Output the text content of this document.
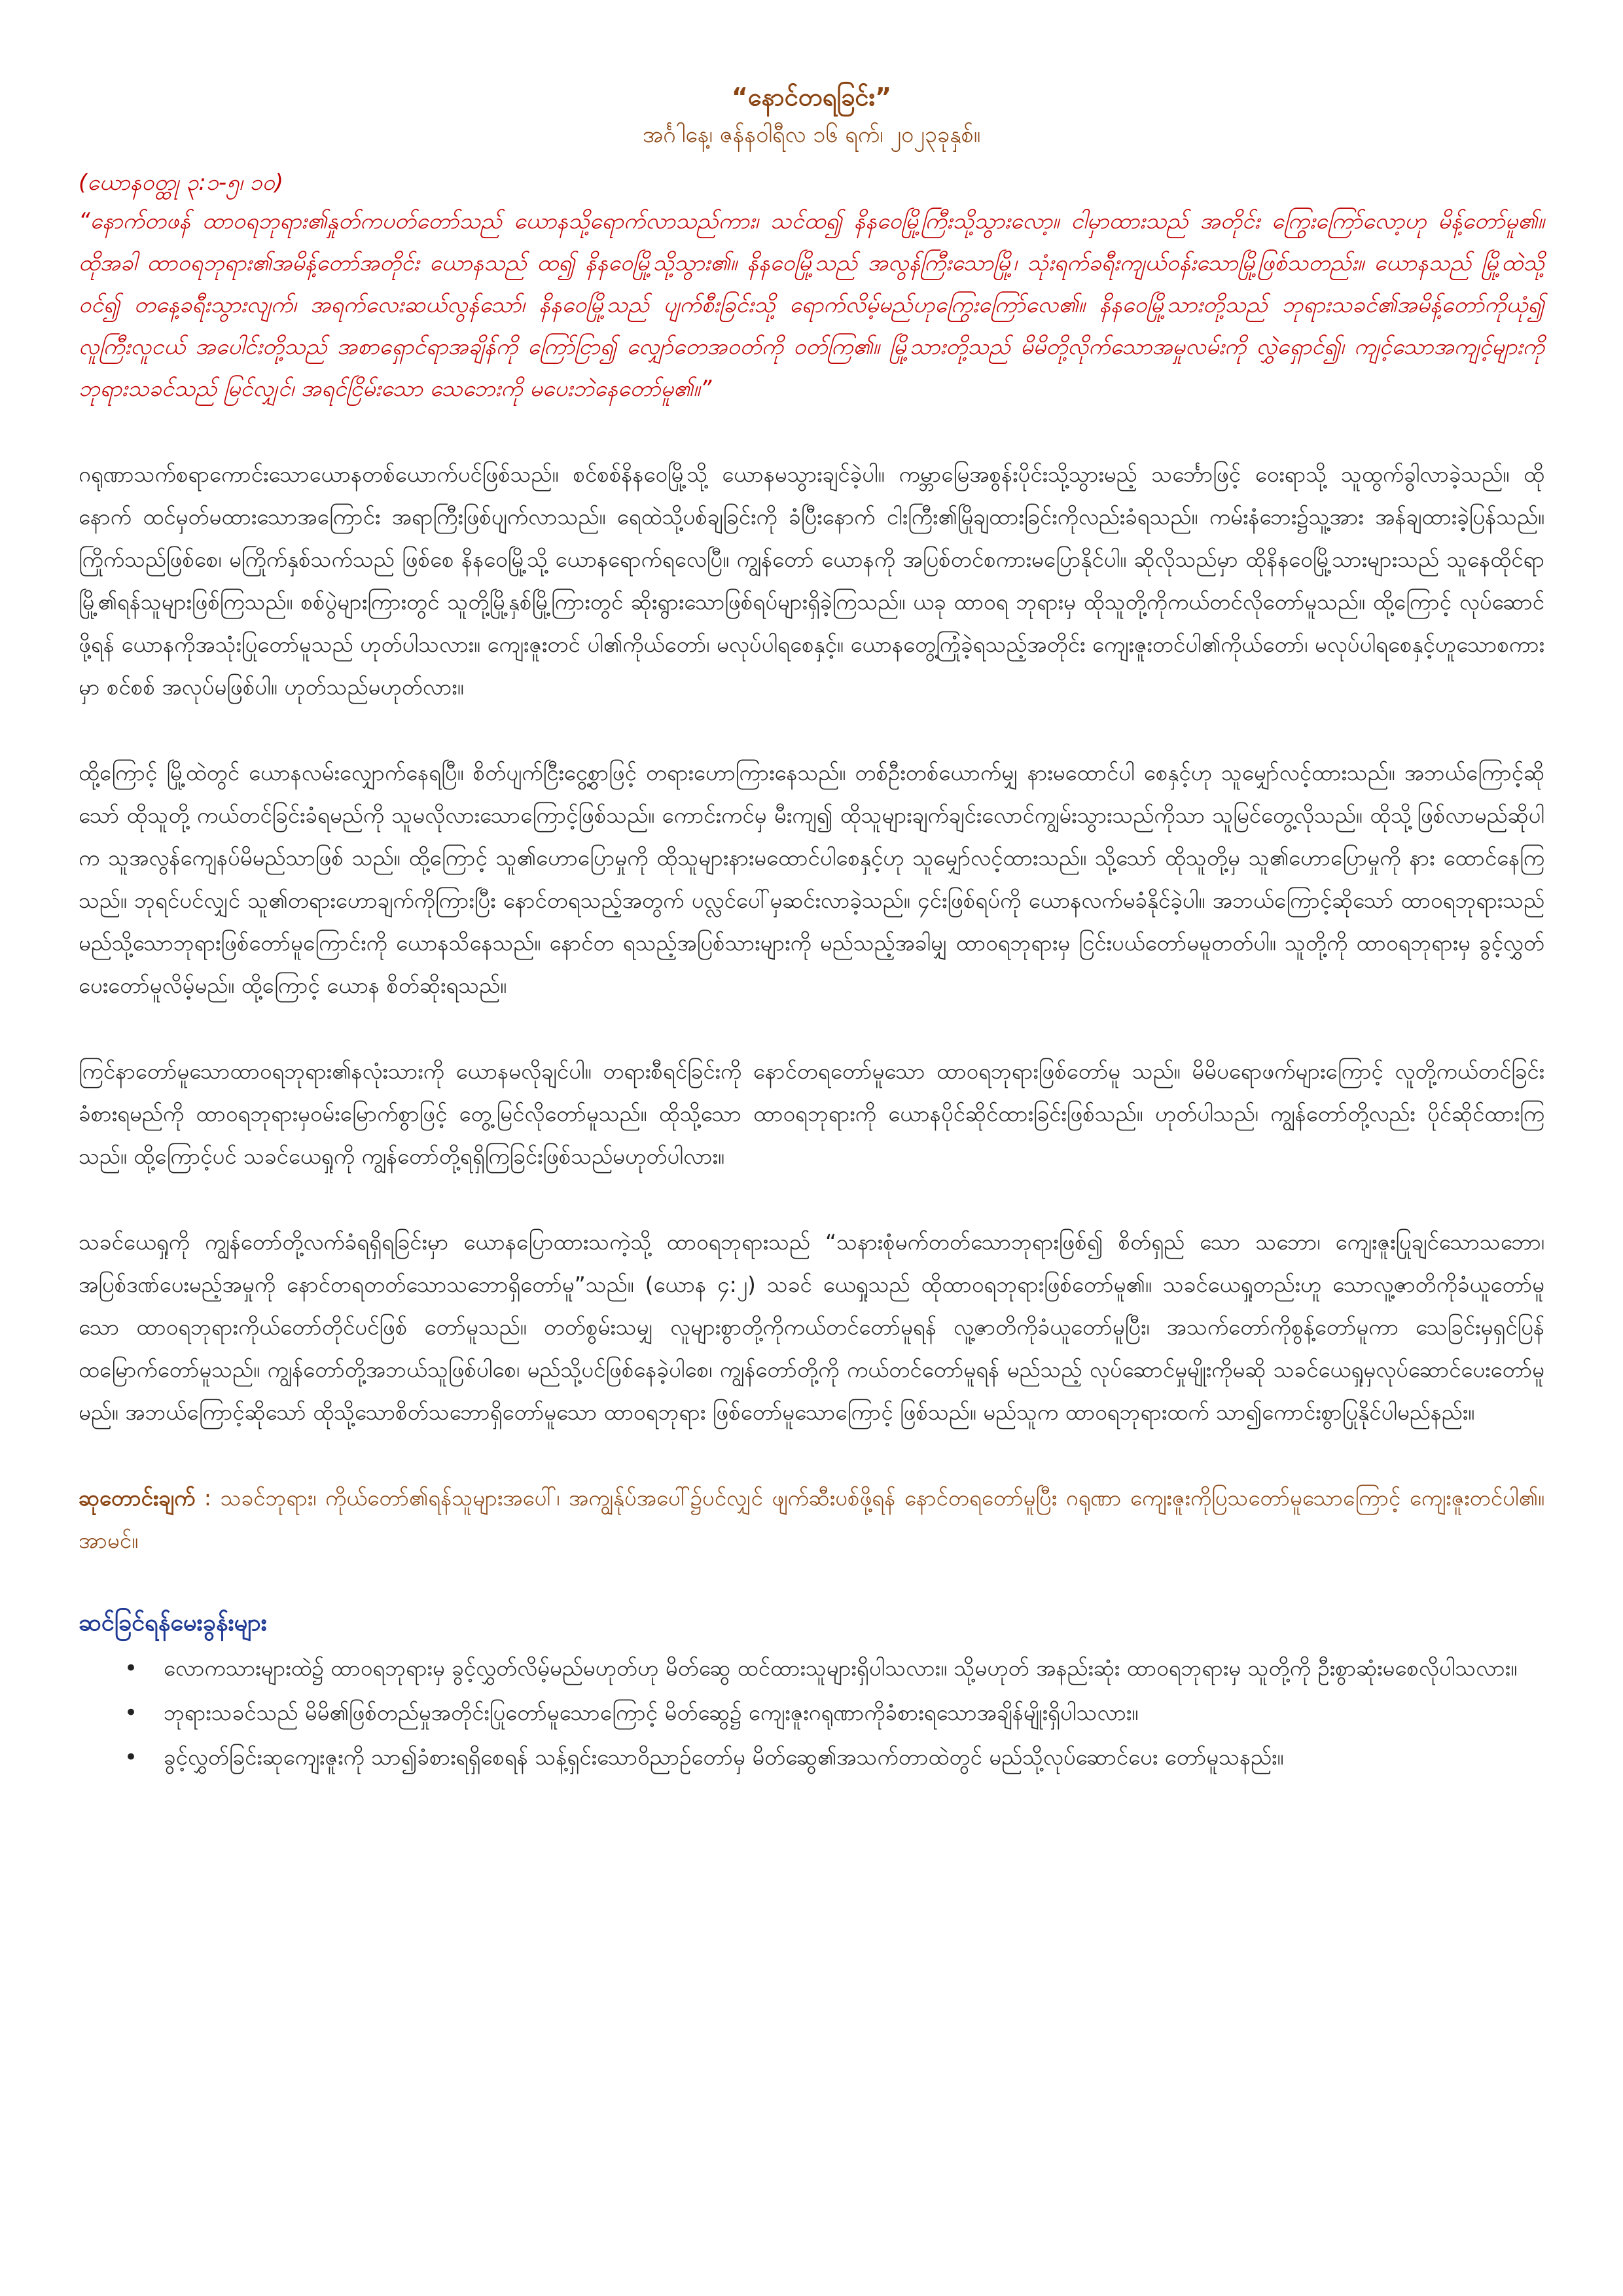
“နောင်တရခြင်း”

အင်္ဂါနေ့၊ ဇန်နဝါရီလ ၁၆ ရက်၊ ၂၀၂၃ခုနှစ်။

(ယောန၀တ္ထု ၃:၁-၅၊ ၁၀)

“နောက်တဖန် ထာဝရဘုရား၏နှုတ်ကပတ်တော်သည် ယောနသို့ရောက်လာသည်ကား၊ သင်ထ၍ နိနဝေမြို့ကြီးသို့သွားလော့။ ငါမှာထားသည် အတိုင်း ကြွေးကြော်လော့ဟု မိန့်တော်မူ၏။ ထိုအခါ ထာဝရဘုရား၏အမိန့်တော်အတိုင်း ယောနသည် ထ၍ နိနဝေမြို့သို့သွား၏။ နိနဝေမြို့သည် အလွန်ကြီးသောမြို့၊ သုံးရက်ခရီးကျယ်ဝန်းသောမြို့ဖြစ်သတည်း။ ယောနသည် မြို့ထဲသို့ဝင်၍ တနေ့ခရီးသွားလျက်၊ အရက်လေးဆယ်လွန်သော်၊ နိနဝေမြို့သည် ပျက်စီးခြင်းသို့ ရောက်လိမ့်မည်ဟုကြွေးကြော်လေ၏။ နိနဝေမြို့သားတို့သည် ဘုရားသခင်၏အမိန့်တော်ကိုယုံ၍ လူကြီးလူငယ် အပေါင်းတို့သည် အစာရှောင်ရာအချိန်ကို ကြော်ငြာ၍ လျှော်တေအဝတ်ကို ဝတ်ကြ၏။ မြို့သားတို့သည် မိမိတို့လိုက်သောအမှုလမ်းကို လွှဲရှောင်၍၊ ကျင့်သောအကျင့်များကို ဘုရားသခင်သည် မြင်လျှင်၊ အရင်ငြိမ်းသော သေဘေးကို မပေးဘဲနေတော်မူ၏။”

ဂရုဏာသက်စရာကောင်းသောယောနတစ်ယောက်ပင်ဖြစ်သည်။ စင်စစ်နိနဝေမြို့သို့ ယောနမသွားချင်ခဲ့ပါ။ ကမ္ဘာမြေအစွန်းပိုင်းသို့သွားမည့် သင်္ဘောဖြင့် ဝေးရာသို့ သူထွက်ခွါလာခဲ့သည်။ ထိုနောက် ထင်မှတ်မထားသောအကြောင်း အရာကြီးဖြစ်ပျက်လာသည်။ ရေထဲသို့ပစ်ချခြင်းကို ခံပြီးနောက် ငါးကြီး၏မြိုချထားခြင်းကိုလည်းခံရသည်။ ကမ်းနံဘေး၌သူ့အား အန်ချထားခဲ့ပြန်သည်။ ကြိုက်သည်ဖြစ်စေ၊ မကြိုက်နှစ်သက်သည် ဖြစ်စေ နိနဝေမြို့သို့ ယောနရောက်ရလေပြီ။ ကျွန်တော် ယောနကို အပြစ်တင်စကားမပြောနိုင်ပါ။ ဆိုလိုသည်မှာ ထိုနိနဝေမြို့သားများသည် သူနေထိုင်ရာမြို့၏ရန်သူများဖြစ်ကြသည်။ စစ်ပွဲများကြားတွင် သူတို့မြို့နှစ်မြို့ကြားတွင် ဆိုးရွားသောဖြစ်ရပ်များရှိခဲ့ကြသည်။ ယခု ထာဝရ ဘုရားမှ ထိုသူတို့ကိုကယ်တင်လိုတော်မူသည်။ ထို့ကြောင့် လုပ်ဆောင်ဖို့ရန် ယောနကိုအသုံးပြုတော်မူသည် ဟုတ်ပါသလား။ ကျေးဇူးတင် ပါ၏ကိုယ်တော်၊ မလုပ်ပါရစေနှင့်။ ယောနတွေ့ကြုံခဲ့ရသည့်အတိုင်း ကျေးဇူးတင်ပါ၏ကိုယ်တော်၊ မလုပ်ပါရစေနှင့်ဟူသောစကားမှာ စင်စစ် အလုပ်မဖြစ်ပါ။ ဟုတ်သည်မဟုတ်လား။

ထို့ကြောင့် မြို့ထဲတွင် ယောနလမ်းလျှောက်နေရပြီ။ စိတ်ပျက်ငြီးငွေ့စွာဖြင့် တရားဟောကြားနေသည်။ တစ်ဦးတစ်ယောက်မျှ နားမထောင်ပါ စေနှင့်ဟု သူမျှော်လင့်ထားသည်။ အဘယ်ကြောင့်ဆိုသော် ထိုသူတို့ ကယ်တင်ခြင်းခံရမည်ကို သူမလိုလားသောကြောင့်ဖြစ်သည်။ ကောင်းကင်မှ မီးကျ၍ ထိုသူများချက်ချင်းလောင်ကျွမ်းသွားသည်ကိုသာ သူမြင်တွေ့လိုသည်။ ထိုသို့ဖြစ်လာမည်ဆိုပါက သူအလွန်ကျေနပ်မိမည်သာဖြစ် သည်။ ထို့ကြောင့် သူ၏ဟောပြောမှုကို ထိုသူများနားမထောင်ပါစေနှင့်ဟု သူမျှော်လင့်ထားသည်။ သို့သော် ထိုသူတို့မှ သူ၏ဟောပြောမှုကို နား ထောင်နေကြသည်။ ဘုရင်ပင်လျှင် သူ၏တရားဟောချက်ကိုကြားပြီး နောင်တရသည့်အတွက် ပလ္လင်ပေါ်မှဆင်းလာခဲ့သည်။ ၄င်းဖြစ်ရပ်ကို ယောနလက်မခံနိုင်ခဲ့ပါ။ အဘယ်ကြောင့်ဆိုသော် ထာဝရဘုရားသည် မည်သို့သောဘုရားဖြစ်တော်မူကြောင်းကို ယောနသိနေသည်။ နောင်တ ရသည့်အပြစ်သားများကို မည်သည့်အခါမျှ ထာဝရဘုရားမှ ငြင်းပယ်တော်မမူတတ်ပါ။ သူတို့ကို ထာဝရဘုရားမှ ခွင့်လွှတ်ပေးတော်မူလိမ့်မည်။ ထို့ကြောင့် ယောန စိတ်ဆိုးရသည်။

ကြင်နာတော်မူသောထာဝရဘုရား၏နလုံးသားကို ယောနမလိုချင်ပါ။ တရားစီရင်ခြင်းကို နောင်တရတော်မူသော ထာဝရဘုရားဖြစ်တော်မူ သည်။ မိမိပရောဖက်များကြောင့် လူတို့ကယ်တင်ခြင်းခံစားရမည်ကို ထာဝရဘုရားမှဝမ်းမြောက်စွာဖြင့် တွေ့မြင်လိုတော်မူသည်။ ထိုသို့သော ထာဝရဘုရားကို ယောနပိုင်ဆိုင်ထားခြင်းဖြစ်သည်။ ဟုတ်ပါသည်၊ ကျွန်တော်တို့လည်း ပိုင်ဆိုင်ထားကြသည်။ ထို့ကြောင့်ပင် သခင်ယေရှုကို ကျွန်တော်တို့ရရှိကြခြင်းဖြစ်သည်မဟုတ်ပါလား။

သခင်ယေရှုကို ကျွန်တော်တို့လက်ခံရရှိရခြင်းမှာ ယောနပြောထားသကဲ့သို့ ထာဝရဘုရားသည် “သနားစုံမက်တတ်သောဘုရားဖြစ်၍ စိတ်ရှည် သော သဘော၊ ကျေးဇူးပြုချင်သောသဘော၊ အပြစ်ဒဏ်ပေးမည့်အမှုကို နောင်တရတတ်သောသဘောရှိတော်မူ”သည်။ (ယောန ၄:၂) သခင် ယေရှုသည် ထိုထာဝရဘုရားဖြစ်တော်မူ၏။ သခင်ယေရှုတည်းဟူ သောလူ့ဇာတိကိုခံယူတော်မူသော ထာဝရဘုရားကိုယ်တော်တိုင်ပင်ဖြစ် တော်မူသည်။ တတ်စွမ်းသမျှ လူများစွာတို့ကိုကယ်တင်တော်မူရန် လူ့ဇာတိကိုခံယူတော်မူပြီး၊ အသက်တော်ကိုစွန့်တော်မူကာ သေခြင်းမှရှင်ပြန် ထမြောက်တော်မူသည်။ ကျွန်တော်တို့အဘယ်သူဖြစ်ပါစေ၊ မည်သို့ပင်ဖြစ်နေခဲ့ပါစေ၊ ကျွန်တော်တို့ကို ကယ်တင်တော်မူရန် မည်သည့် လုပ်ဆောင်မှုမျိုးကိုမဆို သခင်ယေရှုမှလုပ်ဆောင်ပေးတော်မူမည်။ အဘယ်ကြောင့်ဆိုသော် ထိုသို့သောစိတ်သဘောရှိတော်မူသော ထာဝရဘုရား ဖြစ်တော်မူသောကြောင့် ဖြစ်သည်။ မည်သူက ထာဝရဘုရားထက် သာ၍ကောင်းစွာပြုနိုင်ပါမည်နည်း။

ဆုတောင်းချက် : သခင်ဘုရား၊ ကိုယ်တော်၏ရန်သူများအပေါ်၊ အကျွန်ုပ်အပေါ်၌ပင်လျှင် ဖျက်ဆီးပစ်ဖို့ရန် နောင်တရတော်မူပြီး ဂရုဏာ ကျေးဇူးကိုပြသတော်မူသောကြောင့် ကျေးဇူးတင်ပါ၏။ အာမင်။

ဆင်ခြင်ရန်မေးခွန်းများ
• လောကသားများထဲ၌ ထာဝရဘုရားမှ ခွင့်လွှတ်လိမ့်မည်မဟုတ်ဟု မိတ်ဆွေ ထင်ထားသူများရှိပါသလား။ သို့မဟုတ် အနည်းဆုံး ထာဝရဘုရားမှ သူတို့ကို ဦးစွာဆုံးမစေလိုပါသလား။
• ဘုရားသခင်သည် မိမိ၏ဖြစ်တည်မှုအတိုင်းပြုတော်မူသောကြောင့် မိတ်ဆွေ၌ ကျေးဇူးဂရုဏာကိုခံစားရသောအချိန်မျိုးရှိပါသလား။
• ခွင့်လွှတ်ခြင်းဆုကျေးဇူးကို သာ၍ခံစားရရှိစေရန် သန့်ရှင်းသောဝိညာဉ်တော်မှ မိတ်ဆွေ၏အသက်တာထဲတွင် မည်သို့လုပ်ဆောင်ပေး တော်မူသနည်း။
